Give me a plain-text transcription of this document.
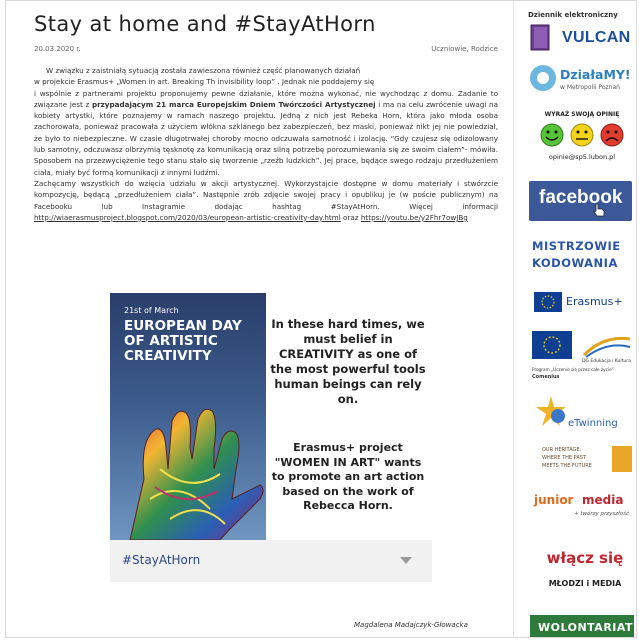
Stay at home and #StayAtHorn
20.03.2020 r.	Uczniowie, Rodzice

W związku z zaistniałą sytuacją została zawieszona również część planowanych działań
w projekcie Erasmus+ „Women in art. Breaking Th invisibility loop” . Jednak nie poddajemy się
i wspólnie z partnerami projektu proponujemy pewne działanie, które można wykonać, nie wychodząc z domu. Zadanie to związane jest z przypadającym 21 marca Europejskim Dniem Twórczości Artystycznej i ma na celu zwrócenie uwagi na kobiety artystki, które poznajemy w ramach naszego projektu. Jedną z nich jest Rebeka Horn, która jako młoda osoba zachorowała, ponieważ pracowała z użyciem włókna szklanego bez zabezpieczeń, bez maski, ponieważ nikt jej nie powiedział, że było to niebezpieczne. W czasie długotrwałej choroby mocno odczuwała samotność i izolację. “Gdy czujesz się odizolowany lub samotny, odczuwasz olbrzymią tęsknotę za komunikacją oraz silną potrzebę porozumiewania się ze swoim ciałem”- mówiła. Sposobem na przezwyciężenie tego stanu stało się tworzenie „rzeźb ludzkich”. Jej prace, będące swego rodzaju przedłużeniem ciała, miały być formą komunikacji z innymi ludźmi.

Zachęcamy wszystkich do wzięcia udziału w akcji artystycznej. Wykorzystajcie dostępne w domu materiały i stwórzcie kompozycję, będącą „przedłużeniem ciała”. Następnie zrób zdjęcie swojej pracy i opublikuj je (w poście publicznym) na Facebooku lub Instagramie dodając hashtag #StayAtHorn. Więcej informacji http://wiaerasmusproject.blogspot.com/2020/03/european-artistic-creativity-day.html oraz https://youtu.be/y2Fhr7owJBg

21st of March
EUROPEAN DAY OF ARTISTIC CREATIVITY
In these hard times, we must belief in CREATIVITY as one of the most powerful tools human beings can rely on.
Erasmus+ project "WOMEN IN ART" wants to promote an art action based on the work of Rebecca Horn.
#StayAtHorn
Magdalena Madajczyk-Głowacka
Dziennik elektroniczny
VULCAN
DziałaMY!
w Metropolii Poznań
WYRAŻ SWOJĄ OPINIĘ
opinie@sp5.lubon.pl
facebook
MISTRZOWIE
KODOWANIA
Erasmus+
DG Edukacja i Kultura
Program „Uczenie się przez całe życie”
Comenius
eTwinning
OUR HERITAGE:
WHERE THE PAST
MEETS THE FUTURE
junior media
+ twórzy przyszłość
włącz się
MŁODZI i MEDIA
WOLONTARIAT
